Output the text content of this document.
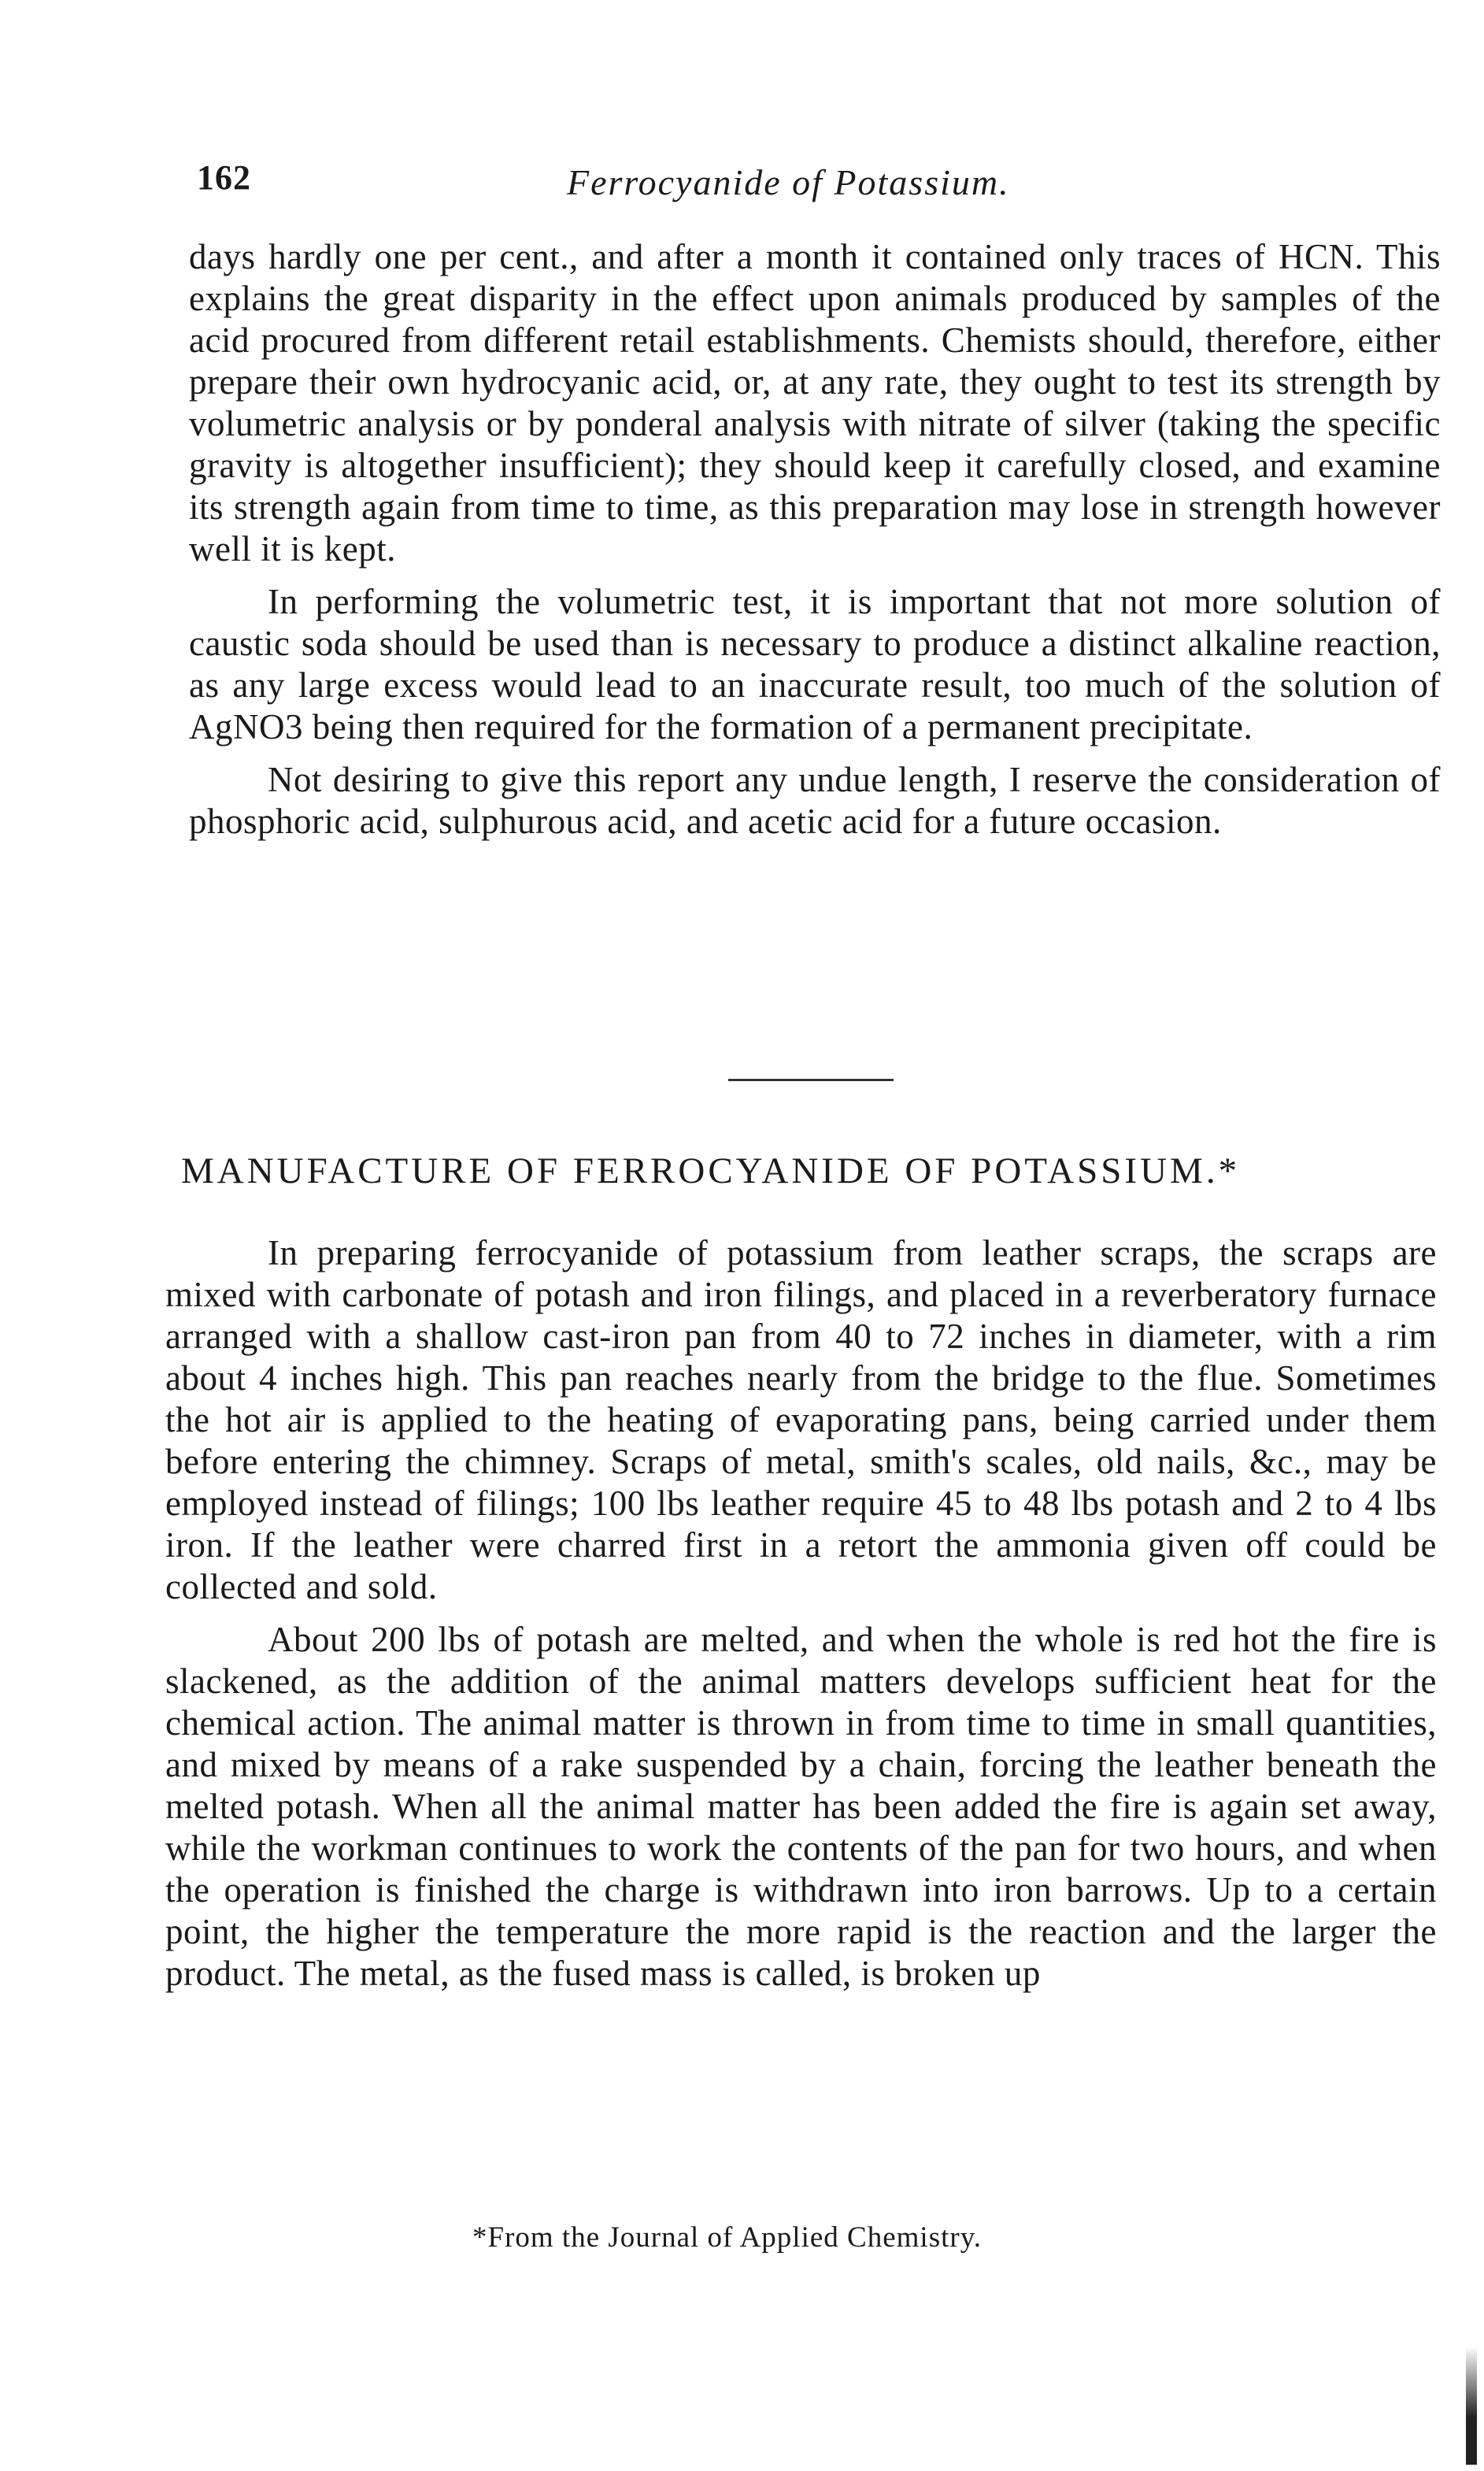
162	Ferrocyanide of Potassium.

days hardly one per cent., and after a month it contained only traces of HCN. This explains the great disparity in the effect upon animals produced by samples of the acid procured from different retail establishments. Chemists should, therefore, either prepare their own hydrocyanic acid, or, at any rate, they ought to test its strength by volumetric analysis or by ponderal analysis with nitrate of silver (taking the specific gravity is altogether insufficient); they should keep it carefully closed, and examine its strength again from time to time, as this preparation may lose in strength however well it is kept.

In performing the volumetric test, it is important that not more solution of caustic soda should be used than is necessary to produce a distinct alkaline reaction, as any large excess would lead to an inaccurate result, too much of the solution of AgNO3 being then required for the formation of a permanent precipitate.

Not desiring to give this report any undue length, I reserve the consideration of phosphoric acid, sulphurous acid, and acetic acid for a future occasion.

MANUFACTURE OF FERROCYANIDE OF POTASSIUM.*

In preparing ferrocyanide of potassium from leather scraps, the scraps are mixed with carbonate of potash and iron filings, and placed in a reverberatory furnace arranged with a shallow cast-iron pan from 40 to 72 inches in diameter, with a rim about 4 inches high. This pan reaches nearly from the bridge to the flue. Sometimes the hot air is applied to the heating of evaporating pans, being carried under them before entering the chimney. Scraps of metal, smith's scales, old nails, &c., may be employed instead of filings; 100 lbs leather require 45 to 48 lbs potash and 2 to 4 lbs iron. If the leather were charred first in a retort the ammonia given off could be collected and sold.

About 200 lbs of potash are melted, and when the whole is red hot the fire is slackened, as the addition of the animal matters develops sufficient heat for the chemical action. The animal matter is thrown in from time to time in small quantities, and mixed by means of a rake suspended by a chain, forcing the leather beneath the melted potash. When all the animal matter has been added the fire is again set away, while the workman continues to work the contents of the pan for two hours, and when the operation is finished the charge is withdrawn into iron barrows. Up to a certain point, the higher the temperature the more rapid is the reaction and the larger the product. The metal, as the fused mass is called, is broken up

*From the Journal of Applied Chemistry.
